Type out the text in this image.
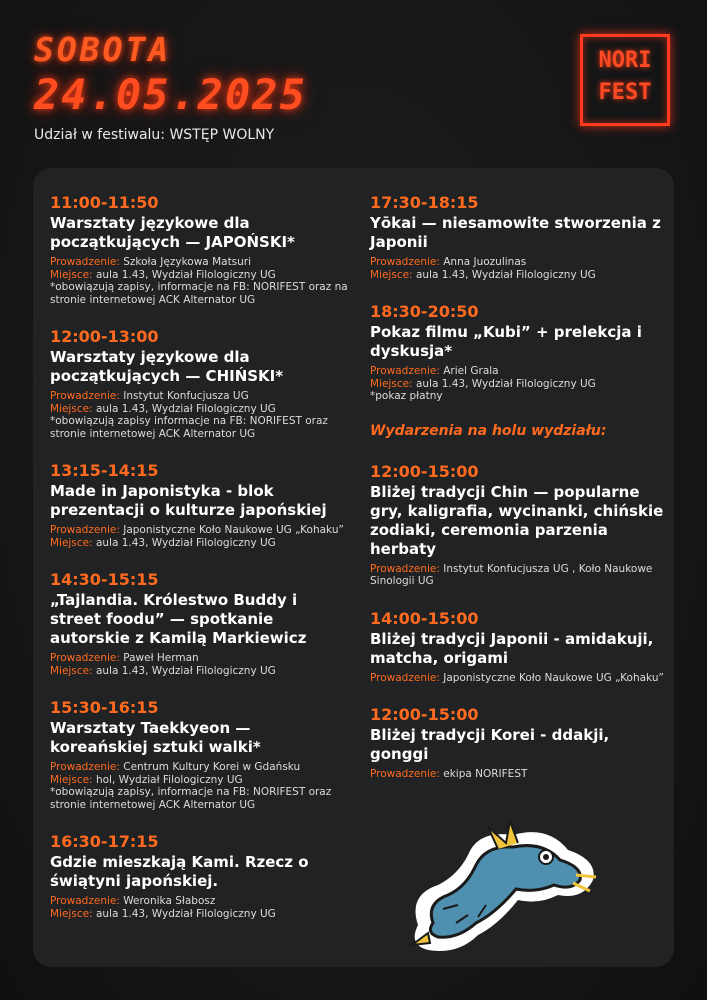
SOBOTA
24.05.2025
Udział w festiwalu: WSTĘP WOLNY
NORI
FEST
11:00-11:50
Warsztaty językowe dla początkujących — JAPOŃSKI*
Prowadzenie: Szkoła Językowa Matsuri
Miejsce: aula 1.43, Wydział Filologiczny UG
*obowiązują zapisy, informacje na FB: NORIFEST oraz na stronie internetowej ACK Alternator UG
12:00-13:00
Warsztaty językowe dla początkujących — CHIŃSKI*
Prowadzenie: Instytut Konfucjusza UG
Miejsce: aula 1.43, Wydział Filologiczny UG
*obowiązują zapisy informacje na FB: NORIFEST oraz stronie internetowej ACK Alternator UG
13:15-14:15
Made in Japonistyka - blok prezentacji o kulturze japońskiej
Prowadzenie: Japonistyczne Koło Naukowe UG „Kohaku”
Miejsce: aula 1.43, Wydział Filologiczny UG
14:30-15:15
„Tajlandia. Królestwo Buddy i street foodu” — spotkanie autorskie z Kamilą Markiewicz
Prowadzenie: Paweł Herman
Miejsce: aula 1.43, Wydział Filologiczny UG
15:30-16:15
Warsztaty Taekkyeon — koreańskiej sztuki walki*
Prowadzenie: Centrum Kultury Korei w Gdańsku
Miejsce: hol, Wydział Filologiczny UG
*obowiązują zapisy, informacje na FB: NORIFEST oraz stronie internetowej ACK Alternator UG
16:30-17:15
Gdzie mieszkają Kami. Rzecz o świątyni japońskiej.
Prowadzenie: Weronika Słabosz
Miejsce: aula 1.43, Wydział Filologiczny UG
17:30-18:15
Yōkai — niesamowite stworzenia z Japonii
Prowadzenie: Anna Juozulinas
Miejsce: aula 1.43, Wydział Filologiczny UG
18:30-20:50
Pokaz filmu „Kubi” + prelekcja i dyskusja*
Prowadzenie: Ariel Grala
Miejsce: aula 1.43, Wydział Filologiczny UG
*pokaz płatny
Wydarzenia na holu wydziału:
12:00-15:00
Bliżej tradycji Chin — popularne gry, kaligrafia, wycinanki, chińskie zodiaki, ceremonia parzenia herbaty
Prowadzenie: Instytut Konfucjusza UG , Koło Naukowe Sinologii UG
14:00-15:00
Bliżej tradycji Japonii - amidakuji, matcha, origami
Prowadzenie: Japonistyczne Koło Naukowe UG „Kohaku”
12:00-15:00
Bliżej tradycji Korei - ddakji, gonggi
Prowadzenie: ekipa NORIFEST
